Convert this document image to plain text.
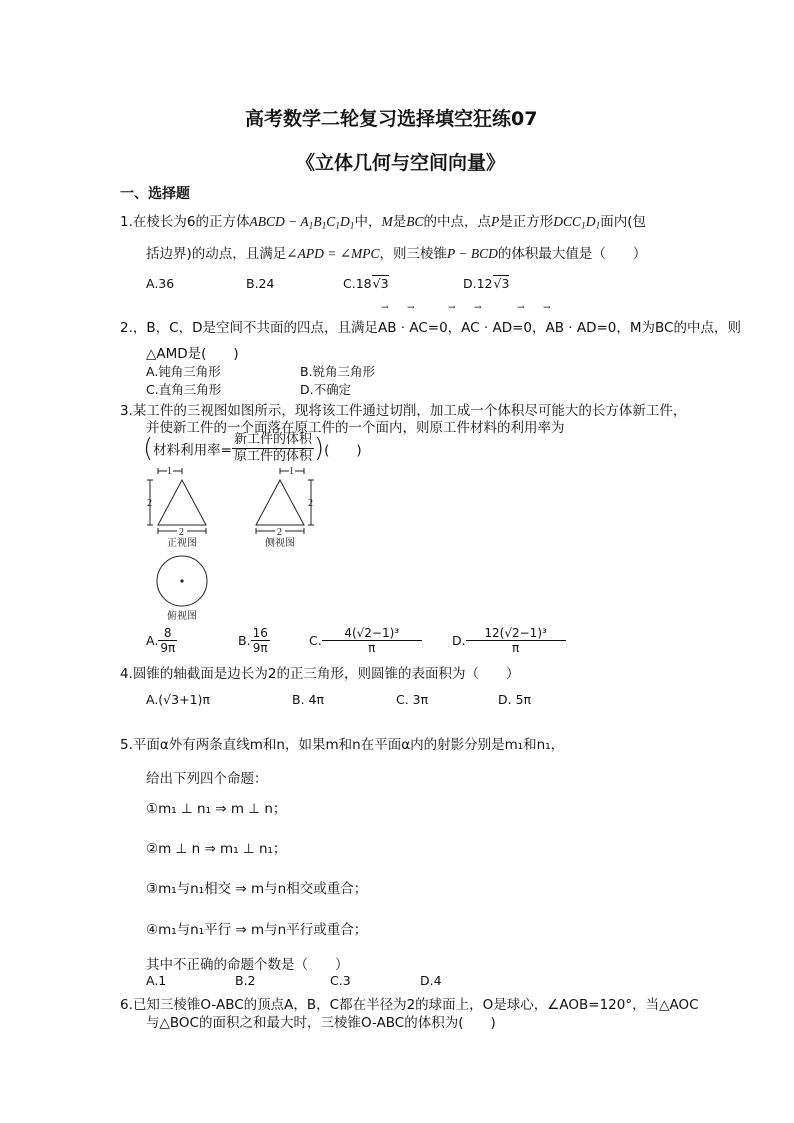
高考数学二轮复习选择填空狂练07
《立体几何与空间向量》
一、选择题
1.在棱长为6的正方体ABCD − $A_1B_1C_1D_1$中，M是BC的中点，点P是正方形$DCC_1D_1$面内(包
括边界)的动点，且满足∠APD = ∠MPC，则三棱锥P − BCD的体积最大值是（　　）
A.36	B.24	C.18√3	D.12√3
2.，B，C，D是空间不共面的四点，且满足AB · AC=0，AC · AD=0，AB · AD=0，M为BC的中点，则
→ →	→ →	→ →
△AMD是(　　)
A.钝角三角形	B.锐角三角形
C.直角三角形	D.不确定
3.某工件的三视图如图所示，现将该工件通过切削，加工成一个体积尽可能大的长方体新工件，
并使新工件的一个面落在原工件的一个面内，则原工件材料的利用率为
(材料利用率= $\frac{\text{新工件的体积}}{\text{原工件的体积}}$ )(　　)
1
2
2
1
2
2
正视图	侧视图
俯视图
A. $\frac{8}{9\pi}$	B. $\frac{16}{9\pi}$	C. $\frac{\text{4(√2−1)³}}{\pi} D$. $\frac{\text{12(√2−1)³}}{\pi}$
4.圆锥的轴截面是边长为2的正三角形，则圆锥的表面积为（　　）
A.(√3+1)π	B. 4π	C. 3π	D. 5π
5.平面α外有两条直线m和n，如果m和n在平面α内的射影分别是m₁和n₁，
给出下列四个命题：
①m₁ ⊥ n₁ ⇒ m ⊥ n；
②m ⊥ n ⇒ m₁ ⊥ n₁；
③m₁与n₁相交 ⇒ m与n相交或重合；
④m₁与n₁平行 ⇒ m与n平行或重合；
其中不正确的命题个数是（　　）
A.1	B.2	C.3	D.4
6.已知三棱锥O-ABC的顶点A，B，C都在半径为2的球面上，O是球心，∠AOB=120°，当△AOC
与△BOC的面积之和最大时，三棱锥O-ABC的体积为(　　)
